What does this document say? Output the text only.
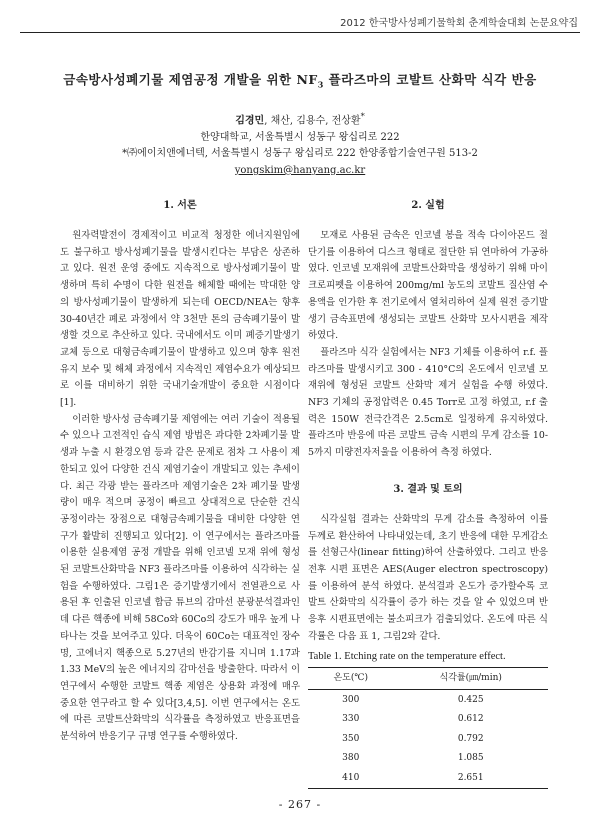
2012 한국방사성폐기물학회 춘계학술대회 논문요약집
금속방사성폐기물 제염공정 개발을 위한 $NF_3$ 플라즈마의 코발트 산화막 식각 반응
김경민, 채산, 김용수, 전상환*
한양대학교, 서울특별시 성동구 왕십리로 222
*㈜에이치앤에너텍, 서울특별시 성동구 왕십리로 222 한양종합기술연구원 513-2
yongskim@hanyang.ac.kr
1. 서론

원자력발전이 경제적이고 비교적 청정한 에너지원임에도 불구하고 방사성폐기물을 발생시킨다는 부담은 상존하고 있다. 원전 운영 중에도 지속적으로 방사성폐기물이 발생하며 특히 수명이 다한 원전을 해체할 때에는 막대한 양의 방사성폐기물이 발생하게 되는데 OECD/NEA는 향후 30-40년간 폐로 과정에서 약 3천만 톤의 금속폐기물이 발생할 것으로 추산하고 있다. 국내에서도 이미 폐증기발생기 교체 등으로 대형금속폐기물이 발생하고 있으며 향후 원전 유지 보수 및 해체 과정에서 지속적인 제염수요가 예상되므로 이를 대비하기 위한 국내기술개발이 중요한 시점이다[1].

이러한 방사성 금속폐기물 제염에는 여러 기술이 적용될 수 있으나 고전적인 습식 제염 방법은 과다한 2차폐기물 발생과 누출 시 환경오염 등과 같은 문제로 점차 그 사용이 제한되고 있어 다양한 건식 제염기술이 개발되고 있는 추세이다. 최근 각광 받는 플라즈마 제염기술은 2차 폐기물 발생량이 매우 적으며 공정이 빠르고 상대적으로 단순한 건식 공정이라는 장점으로 대형금속폐기물을 대비한 다양한 연구가 활발히 진행되고 있다[2]. 이 연구에서는 플라즈마를 이용한 실용제염 공정 개발을 위해 인코넬 모재 위에 형성된 코발트산화막을 NF3 플라즈마를 이용하여 식각하는 실험을 수행하였다. 그림1은 증기발생기에서 전열관으로 사용된 후 인출된 인코넬 합금 튜브의 감마선 분광분석결과인데 다른 핵종에 비해 58Co와 60Co의 강도가 매우 높게 나타나는 것을 보여주고 있다. 더욱이 60Co는 대표적인 장수명, 고에너지 핵종으로 5.27년의 반감기를 지니며 1.17과 1.33 MeV의 높은 에너지의 감마선을 방출한다. 따라서 이 연구에서 수행한 코발트 핵종 제염은 상용화 과정에 매우 중요한 연구라고 할 수 있다[3,4,5]. 이번 연구에서는 온도에 따른 코발트산화막의 식각률을 측정하였고 반응표면을 분석하여 반응기구 규명 연구를 수행하였다.

2. 실험

모재로 사용된 금속은 인코넬 봉을 적속 다이아몬드 절단기를 이용하여 디스크 형태로 절단한 뒤 연마하여 가공하였다. 인코넬 모재위에 코발트산화막을 생성하기 위해 마이크로피펫을 이용하여 200mg/ml 농도의 코발트 질산염 수용액을 인가한 후 전기로에서 열처리하여 실제 원전 증기발생기 금속표면에 생성되는 코발트 산화막 모사시편을 제작 하였다.

플라즈마 식각 실험에서는 NF3 기체를 이용하여 r.f. 플라즈마를 발생시키고 300 - 410°C의 온도에서 인코넬 모재위에 형성된 코발트 산화막 제거 실험을 수행 하였다. NF3 기체의 공정압력은 0.45 Torr로 고정 하였고, r.f 출력은 150W 전극간격은 2.5cm로 일정하게 유지하였다. 플라즈마 반응에 따른 코발트 금속 시편의 무게 감소를 10-5까지 미량전자저울을 이용하여 측정 하였다.

3. 결과 및 토의

식각실험 결과는 산화막의 무게 감소를 측정하여 이를 두께로 환산하여 나타내었는데, 초기 반응에 대한 무게감소를 선형근사(linear fitting)하여 산출하였다. 그리고 반응전후 시편 표면은 AES(Auger electron spectroscopy)를 이용하여 분석 하였다. 분석결과 온도가 증가할수록 코발트 산화막의 식각률이 증가 하는 것을 알 수 있었으며 반응후 시편표면에는 불소피크가 검출되었다. 온도에 따른 식각률은 다음 표 1, 그림2와 같다.

Table 1. Etching rate on the temperature effect.
온도(℃)	식각률(㎛/min)
300	0.425
330	0.612
350	0.792
380	1.085
410	2.651
- 267 -
